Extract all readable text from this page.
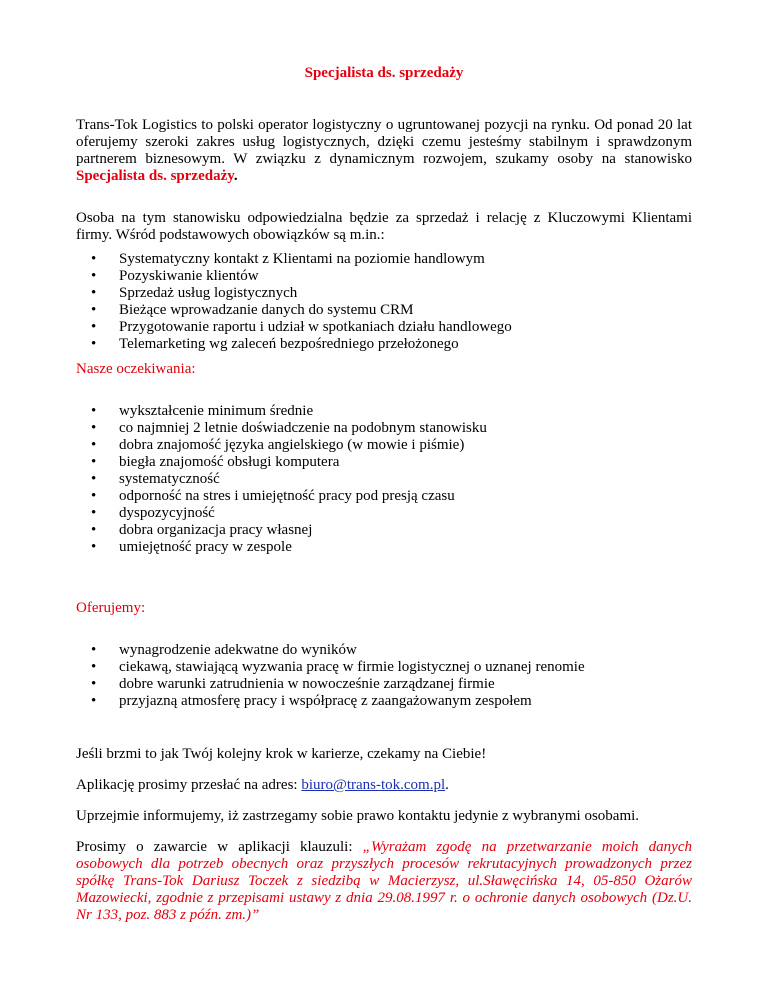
Specjalista ds. sprzedaży

Trans-Tok Logistics to polski operator logistyczny o ugruntowanej pozycji na rynku. Od ponad 20 lat oferujemy szeroki zakres usług logistycznych, dzięki czemu jesteśmy stabilnym i sprawdzonym partnerem biznesowym. W związku z dynamicznym rozwojem, szukamy osoby na stanowisko Specjalista ds. sprzedaży.

Osoba na tym stanowisku odpowiedzialna będzie za sprzedaż i relację z Kluczowymi Klientami firmy. Wśród podstawowych obowiązków są m.in.:

• Systematyczny kontakt z Klientami na poziomie handlowym
• Pozyskiwanie klientów
• Sprzedaż usług logistycznych
• Bieżące wprowadzanie danych do systemu CRM
• Przygotowanie raportu i udział w spotkaniach działu handlowego
• Telemarketing wg zaleceń bezpośredniego przełożonego
Nasze oczekiwania:
• wykształcenie minimum średnie
• co najmniej 2 letnie doświadczenie na podobnym stanowisku
• dobra znajomość języka angielskiego (w mowie i piśmie)
• biegła znajomość obsługi komputera
• systematyczność
• odporność na stres i umiejętność pracy pod presją czasu
• dyspozycyjność
• dobra organizacja pracy własnej
• umiejętność pracy w zespole
Oferujemy:
• wynagrodzenie adekwatne do wyników
• ciekawą, stawiającą wyzwania pracę w firmie logistycznej o uznanej renomie
• dobre warunki zatrudnienia w nowocześnie zarządzanej firmie
• przyjazną atmosferę pracy i współpracę z zaangażowanym zespołem

Jeśli brzmi to jak Twój kolejny krok w karierze, czekamy na Ciebie!

Aplikację prosimy przesłać na adres: biuro@trans-tok.com.pl.

Uprzejmie informujemy, iż zastrzegamy sobie prawo kontaktu jedynie z wybranymi osobami.

Prosimy o zawarcie w aplikacji klauzuli: „Wyrażam zgodę na przetwarzanie moich danych osobowych dla potrzeb obecnych oraz przyszłych procesów rekrutacyjnych prowadzonych przez spółkę Trans-Tok Dariusz Toczek z siedzibą w Macierzysz, ul.Sławęcińska 14, 05-850 Ożarów Mazowiecki, zgodnie z przepisami ustawy z dnia 29.08.1997 r. o ochronie danych osobowych (Dz.U. Nr 133, poz. 883 z późn. zm.)”
